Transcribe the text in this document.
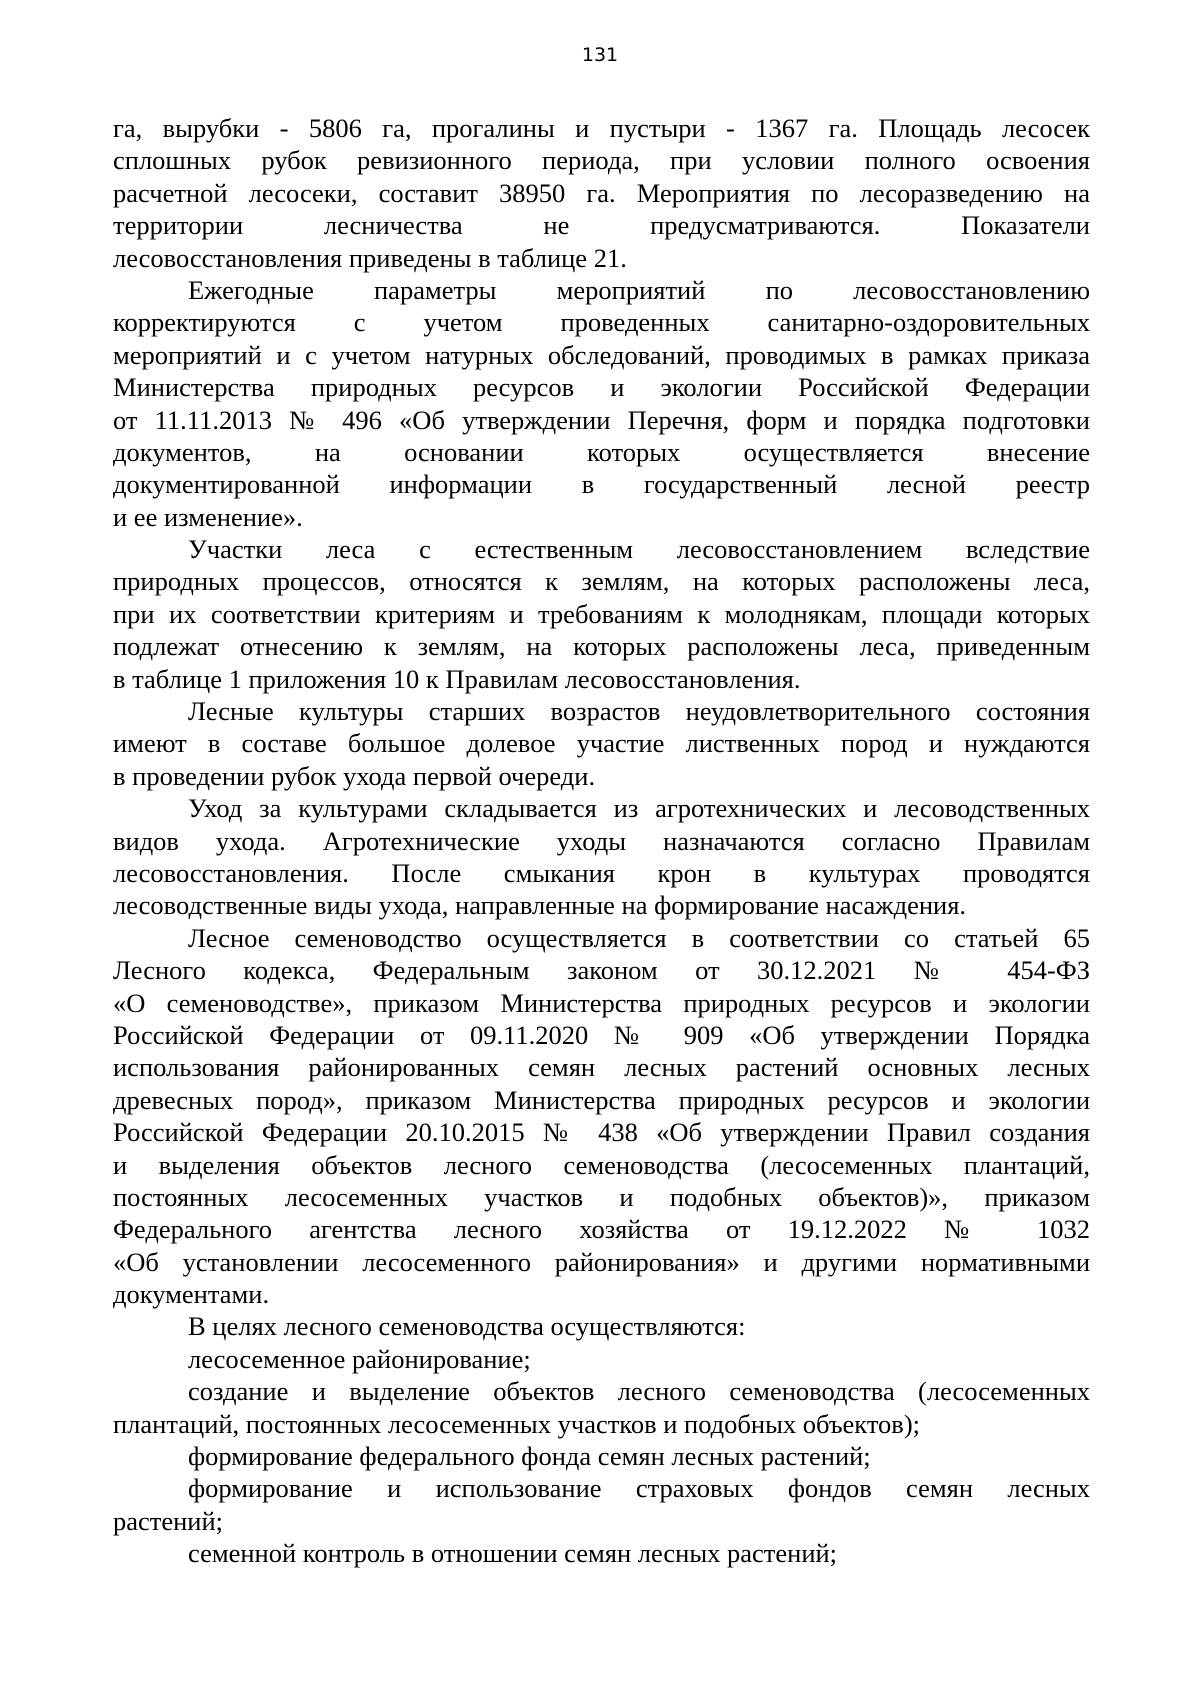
131
га, вырубки - 5806 га, прогалины и пустыри - 1367 га. Площадь лесосек
сплошных рубок ревизионного периода, при условии полного освоения
расчетной лесосеки, составит 38950 га. Мероприятия по лесоразведению на
территории лесничества не предусматриваются. Показатели
лесовосстановления приведены в таблице 21.
Ежегодные параметры мероприятий по лесовосстановлению
корректируются с учетом проведенных санитарно-оздоровительных
мероприятий и с учетом натурных обследований, проводимых в рамках приказа
Министерства природных ресурсов и экологии Российской Федерации
от 11.11.2013 № 496 «Об утверждении Перечня, форм и порядка подготовки
документов, на основании которых осуществляется внесение
документированной информации в государственный лесной реестр
и ее изменение».
Участки леса с естественным лесовосстановлением вследствие
природных процессов, относятся к землям, на которых расположены леса,
при их соответствии критериям и требованиям к молоднякам, площади которых
подлежат отнесению к землям, на которых расположены леса, приведенным
в таблице 1 приложения 10 к Правилам лесовосстановления.
Лесные культуры старших возрастов неудовлетворительного состояния
имеют в составе большое долевое участие лиственных пород и нуждаются
в проведении рубок ухода первой очереди.
Уход за культурами складывается из агротехнических и лесоводственных
видов ухода. Агротехнические уходы назначаются согласно Правилам
лесовосстановления. После смыкания крон в культурах проводятся
лесоводственные виды ухода, направленные на формирование насаждения.
Лесное семеноводство осуществляется в соответствии со статьей 65
Лесного кодекса, Федеральным законом от 30.12.2021 № 454-ФЗ
«О семеноводстве», приказом Министерства природных ресурсов и экологии
Российской Федерации от 09.11.2020 № 909 «Об утверждении Порядка
использования районированных семян лесных растений основных лесных
древесных пород», приказом Министерства природных ресурсов и экологии
Российской Федерации 20.10.2015 № 438 «Об утверждении Правил создания
и выделения объектов лесного семеноводства (лесосеменных плантаций,
постоянных лесосеменных участков и подобных объектов)», приказом
Федерального агентства лесного хозяйства от 19.12.2022 № 1032
«Об установлении лесосеменного районирования» и другими нормативными
документами.
В целях лесного семеноводства осуществляются:
лесосеменное районирование;
создание и выделение объектов лесного семеноводства (лесосеменных
плантаций, постоянных лесосеменных участков и подобных объектов);
формирование федерального фонда семян лесных растений;
формирование и использование страховых фондов семян лесных
растений;
семенной контроль в отношении семян лесных растений;
